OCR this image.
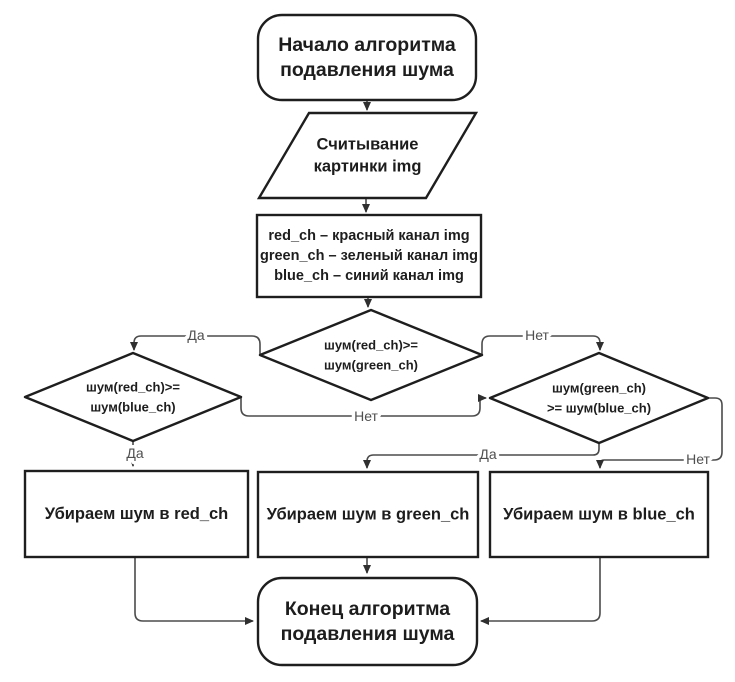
Начало алгоритма
подавления шума
Считывание
картинки img
red_ch – красный канал img
green_ch – зеленый канал img
blue_ch – синий канал img
шум(red_ch)>=
шум(green_ch)
шум(red_ch)>=
шум(blue_ch)
шум(green_ch)
>= шум(blue_ch)
Убираем шум в red_ch Убираем шум в green_ch Убираем шум в blue_ch
Конец алгоритма
подавления шума
Да	Нет
Да
Нет
Да	Нет
